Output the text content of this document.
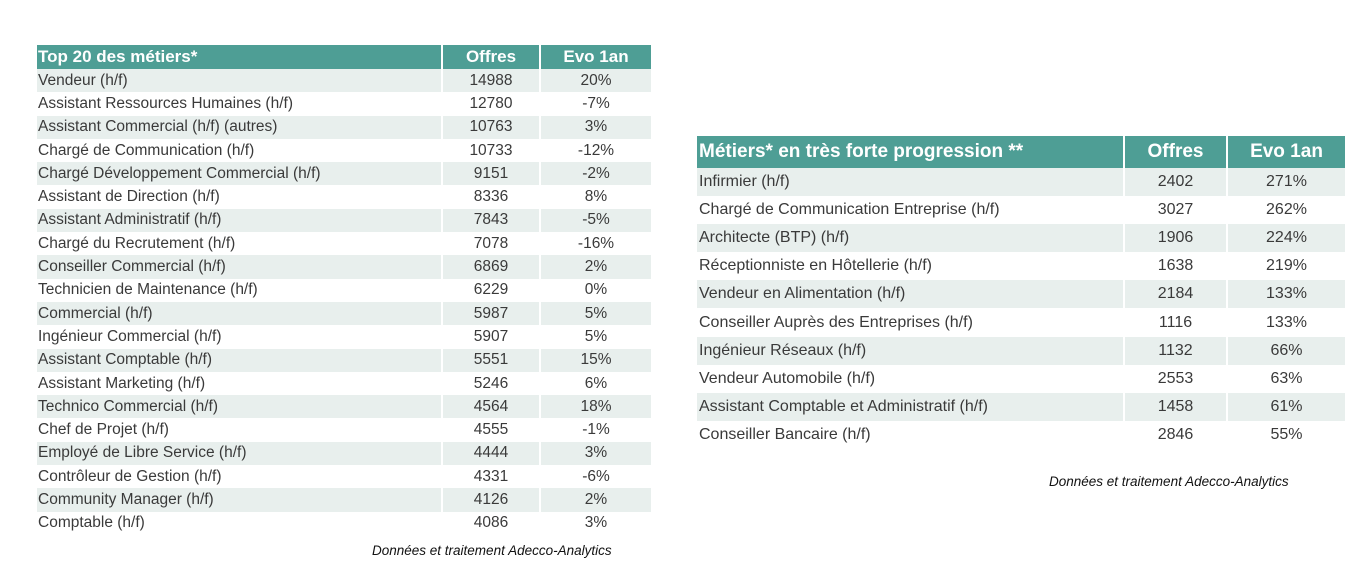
Top 20 des métiers*	Offres	Evo 1an
Vendeur (h/f)	14988	20%
Assistant Ressources Humaines (h/f)	12780	-7%
Assistant Commercial (h/f) (autres)	10763	3%
Chargé de Communication (h/f)	10733	-12%
Chargé Développement Commercial (h/f)	9151	-2%
Assistant de Direction (h/f)	8336	8%
Assistant Administratif (h/f)	7843	-5%
Chargé du Recrutement (h/f)	7078	-16%
Conseiller Commercial (h/f)	6869	2%
Technicien de Maintenance (h/f)	6229	0%
Commercial (h/f)	5987	5%
Ingénieur Commercial (h/f)	5907	5%
Assistant Comptable (h/f)	5551	15%
Assistant Marketing (h/f)	5246	6%
Technico Commercial (h/f)	4564	18%
Chef de Projet (h/f)	4555	-1%
Employé de Libre Service (h/f)	4444	3%
Contrôleur de Gestion (h/f)	4331	-6%
Community Manager (h/f)	4126	2%
Comptable (h/f)	4086	3%
Données et traitement Adecco-Analytics
Métiers* en très forte progression **	Offres	Evo 1an
Infirmier (h/f)	2402	271%
Chargé de Communication Entreprise (h/f)	3027	262%
Architecte (BTP) (h/f)	1906	224%
Réceptionniste en Hôtellerie (h/f)	1638	219%
Vendeur en Alimentation (h/f)	2184	133%
Conseiller Auprès des Entreprises (h/f)	1116	133%
Ingénieur Réseaux (h/f)	1132	66%
Vendeur Automobile (h/f)	2553	63%
Assistant Comptable et Administratif (h/f)	1458	61%
Conseiller Bancaire (h/f)	2846	55%
Données et traitement Adecco-Analytics
